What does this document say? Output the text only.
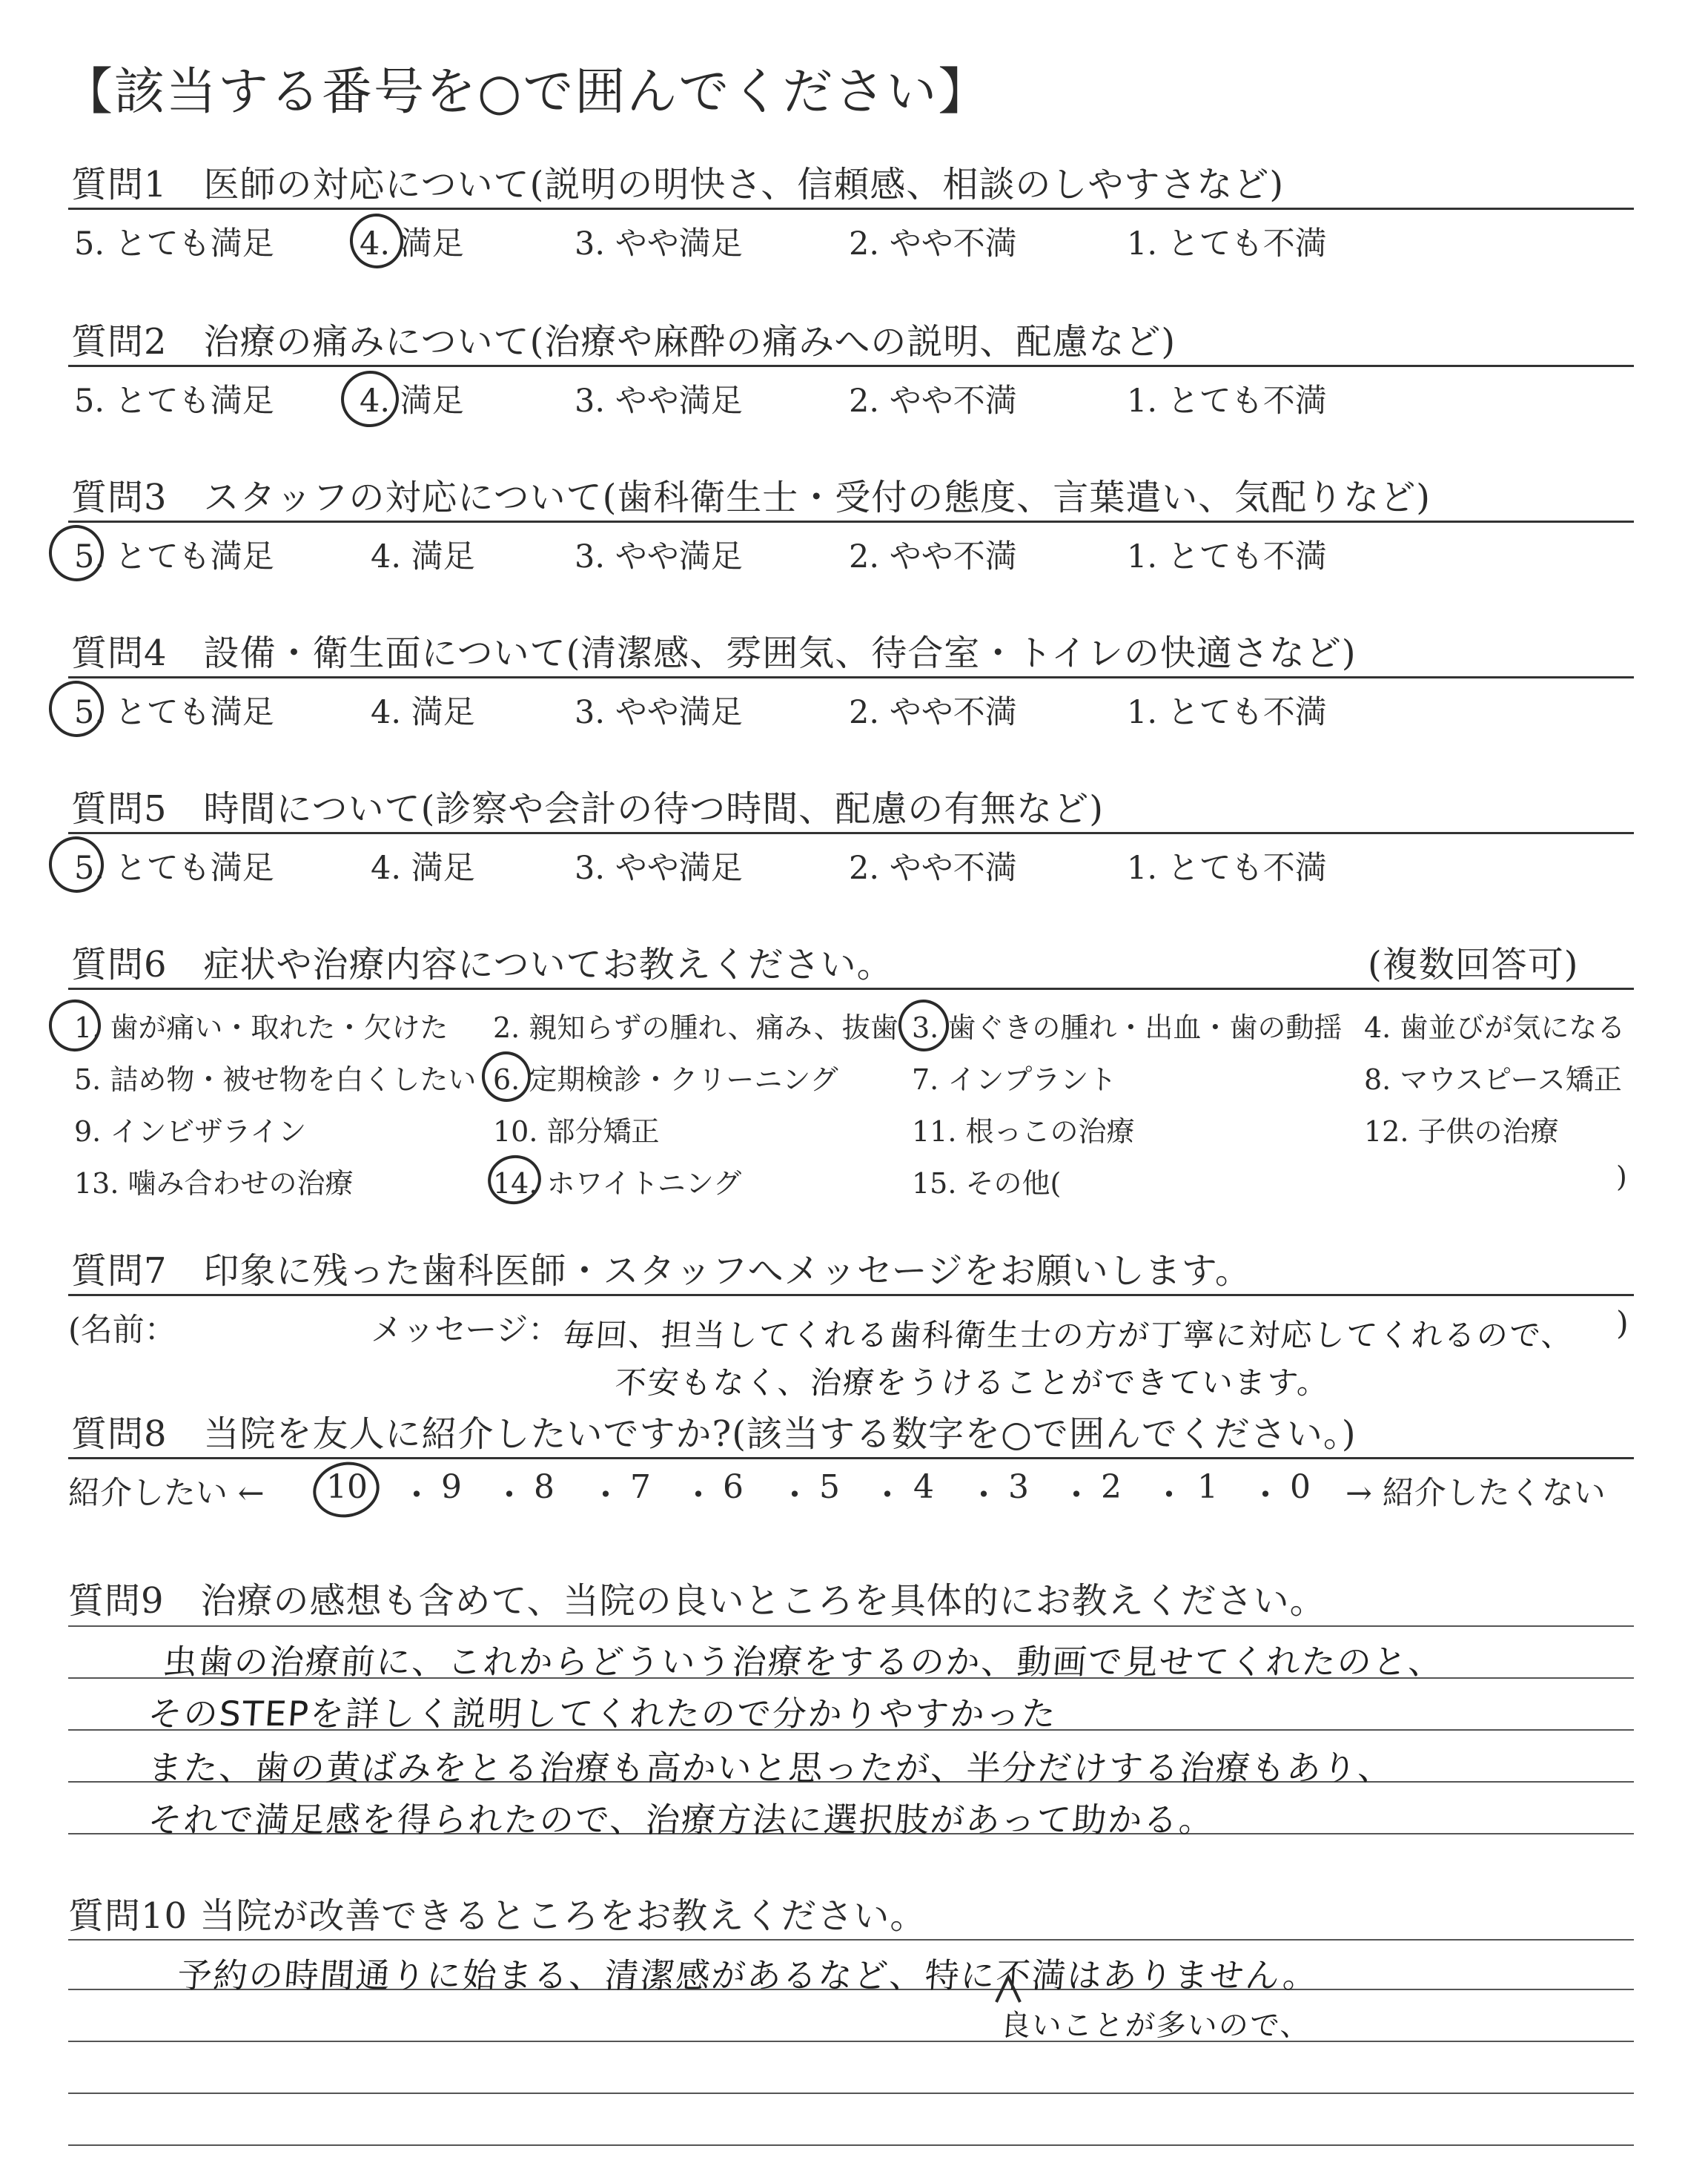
【該当する番号を○で囲んでください】
質問1　医師の対応について(説明の明快さ、信頼感、相談のしやすさなど)
5. とても満足	4. 満足	3. やや満足	2. やや不満	1. とても不満
質問2　治療の痛みについて(治療や麻酔の痛みへの説明、配慮など)
5. とても満足	4. 満足	3. やや満足	2. やや不満	1. とても不満
質問3　スタッフの対応について(歯科衛生士・受付の態度、言葉遣い、気配りなど)
5. とても満足	4. 満足	3. やや満足	2. やや不満	1. とても不満
質問4　設備・衛生面について(清潔感、雰囲気、待合室・トイレの快適さなど)
5. とても満足	4. 満足	3. やや満足	2. やや不満	1. とても不満
質問5　時間について(診察や会計の待つ時間、配慮の有無など)
5. とても満足	4. 満足	3. やや満足	2. やや不満	1. とても不満
質問6　症状や治療内容についてお教えください。	(複数回答可)
1. 歯が痛い・取れた・欠けた 2. 親知らずの腫れ、痛み、抜歯 3. 歯ぐきの腫れ・出血・歯の動揺 4. 歯並びが気になる
5. 詰め物・被せ物を白くしたい 6. 定期検診・クリーニング	7. インプラント	8. マウスピース矯正
9. インビザライン	10. 部分矯正	11. 根っこの治療	12. 子供の治療
13. 噛み合わせの治療	14. ホワイトニング	15. その他(	)
質問7　印象に残った歯科医師・スタッフへメッセージをお願いします。
(名前：	メッセージ：	)
毎回、担当してくれる歯科衛生士の方が丁寧に対応してくれるので、
不安もなく、治療をうけることができています。
質問8　当院を友人に紹介したいですか?(該当する数字を○で囲んでください。)
紹介したい ←	→ 紹介したくない
10 ・ 9 ・ 8 ・ 7 ・ 6 ・ 5 ・ 4 ・ 3 ・ 2 ・ 1 ・ 0
質問9　治療の感想も含めて、当院の良いところを具体的にお教えください。
虫歯の治療前に、これからどういう治療をするのか、動画で見せてくれたのと、
そのSTEPを詳しく説明してくれたので分かりやすかった
また、歯の黄ばみをとる治療も高かいと思ったが、半分だけする治療もあり、
それで満足感を得られたので、治療方法に選択肢があって助かる。
質問10 当院が改善できるところをお教えください。
予約の時間通りに始まる、清潔感があるなど、特に不満はありません。
良いことが多いので、
